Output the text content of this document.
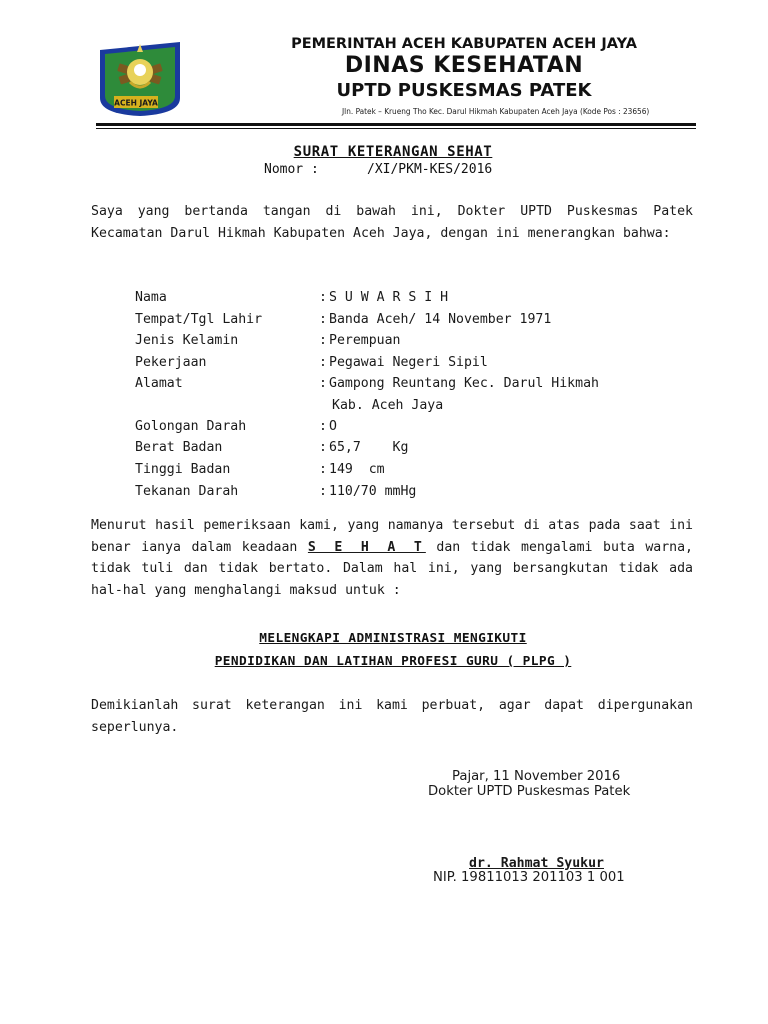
ACEH JAYA
PEMERINTAH ACEH KABUPATEN ACEH JAYA
DINAS KESEHATAN
UPTD PUSKESMAS PATEK
Jln. Patek – Krueng Tho Kec. Darul Hikmah Kabupaten Aceh Jaya (Kode Pos : 23656)
SURAT KETERANGAN SEHAT
Nomor :	/XI/PKM-KES/2016
Saya yang bertanda tangan di bawah ini, Dokter UPTD Puskesmas Patek Kecamatan Darul Hikmah Kabupaten Aceh Jaya, dengan ini menerangkan bahwa:
Nama	: S U W A R S I H
Tempat/Tgl Lahir	: Banda Aceh/ 14 November 1971
Jenis Kelamin	: Perempuan
Pekerjaan	: Pegawai Negeri Sipil
Alamat	: Gampong Reuntang Kec. Darul Hikmah
Kab. Aceh Jaya
Golongan Darah	: O
Berat Badan	: 65,7    Kg
Tinggi Badan	: 149  cm
Tekanan Darah	: 110/70 mmHg
Menurut hasil pemeriksaan kami, yang namanya tersebut di atas pada saat ini benar ianya dalam keadaan S E H A T dan tidak mengalami buta warna, tidak tuli dan tidak bertato. Dalam hal ini, yang bersangkutan tidak ada hal-hal yang menghalangi maksud untuk :
MELENGKAPI ADMINISTRASI MENGIKUTI
PENDIDIKAN DAN LATIHAN PROFESI GURU ( PLPG )
Demikianlah surat keterangan ini kami perbuat, agar dapat dipergunakan seperlunya.
Pajar, 11 November 2016
Dokter UPTD Puskesmas Patek
dr. Rahmat Syukur
NIP. 19811013 201103 1 001
